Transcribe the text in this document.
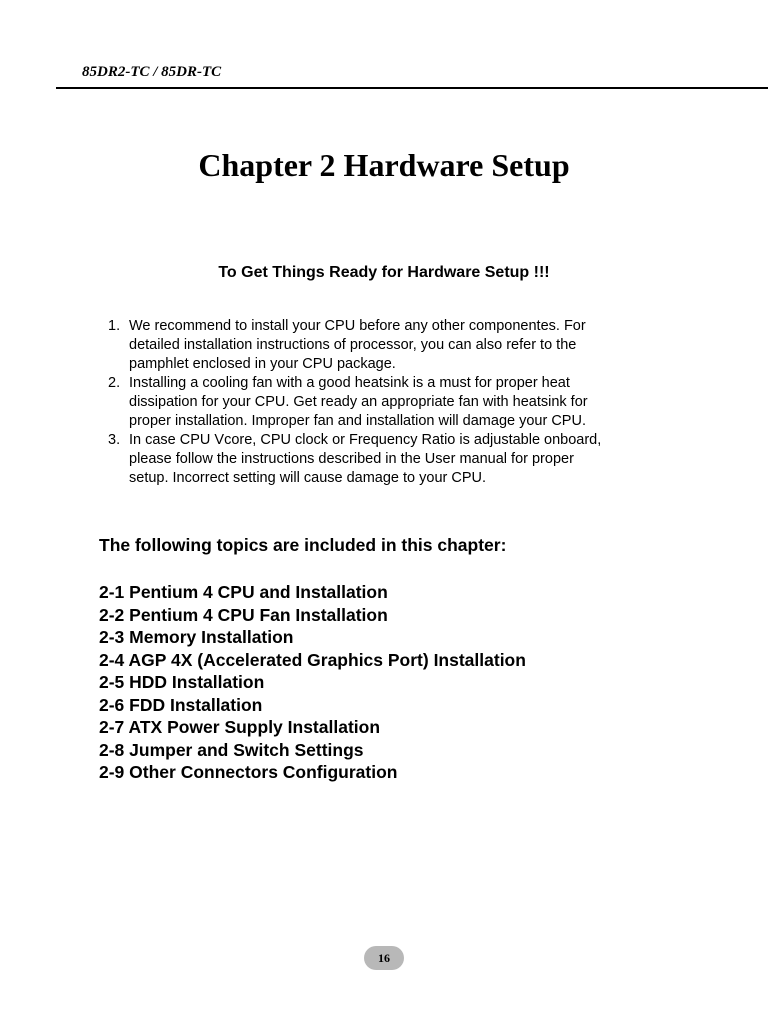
85DR2-TC / 85DR-TC
Chapter 2 Hardware Setup
To Get Things Ready for Hardware Setup !!!
1. We recommend to install your CPU before any other componentes. For
detailed installation instructions of processor, you can also refer to the
pamphlet enclosed in your CPU package.
2. Installing a cooling fan with a good heatsink is a must for proper heat
dissipation for your CPU. Get ready an appropriate fan with heatsink for
proper installation. Improper fan and installation will damage your CPU.
3. In case CPU Vcore, CPU clock or Frequency Ratio is adjustable onboard,
please follow the instructions described in the User manual for proper
setup. Incorrect setting will cause damage to your CPU.

The following topics are included in this chapter:

2-1 Pentium 4 CPU and Installation
2-2 Pentium 4 CPU Fan Installation
2-3 Memory Installation
2-4 AGP 4X (Accelerated Graphics Port) Installation
2-5 HDD Installation
2-6 FDD Installation
2-7 ATX Power Supply Installation
2-8 Jumper and Switch Settings
2-9 Other Connectors Configuration
16
